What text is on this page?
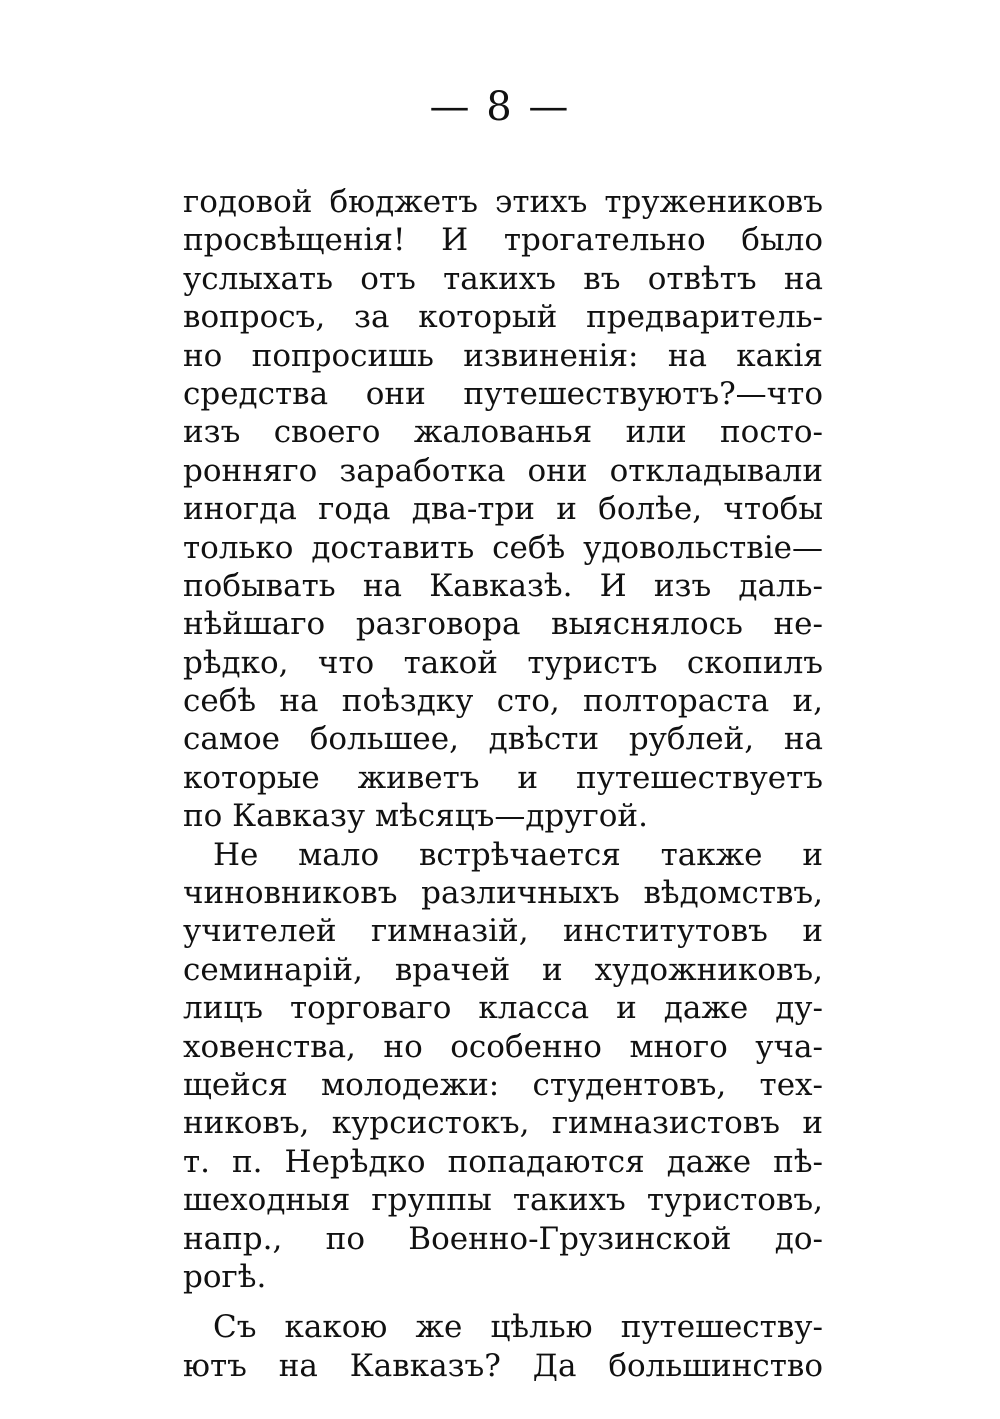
— 8 —
годовой бюджетъ этихъ тружениковъ
просвѣщенія! И трогательно было
услыхать отъ такихъ въ отвѣтъ на
вопросъ, за который предваритель-
но попросишь извиненія: на какія
средства они путешествуютъ?—что
изъ своего жалованья или посто-
ронняго заработка они откладывали
иногда года два-три и болѣе, чтобы
только доставить себѣ удовольствіе—
побывать на Кавказѣ. И изъ даль-
нѣйшаго разговора выяснялось не-
рѣдко, что такой туристъ скопилъ
себѣ на поѣздку сто, полтораста и,
самое большее, двѣсти рублей, на
которые живетъ и путешествуетъ
по Кавказу мѣсяцъ—другой.
Не мало встрѣчается также и
чиновниковъ различныхъ вѣдомствъ,
учителей гимназій, институтовъ и
семинарій, врачей и художниковъ,
лицъ торговаго класса и даже ду-
ховенства, но особенно много уча-
щейся молодежи: студентовъ, тех-
никовъ, курсистокъ, гимназистовъ и
т. п. Нерѣдко попадаются даже пѣ-
шеходныя группы такихъ туристовъ,
напр., по Военно-Грузинской до-
рогѣ.
Съ какою же цѣлью путешеству-
ютъ на Кавказъ? Да большинство
